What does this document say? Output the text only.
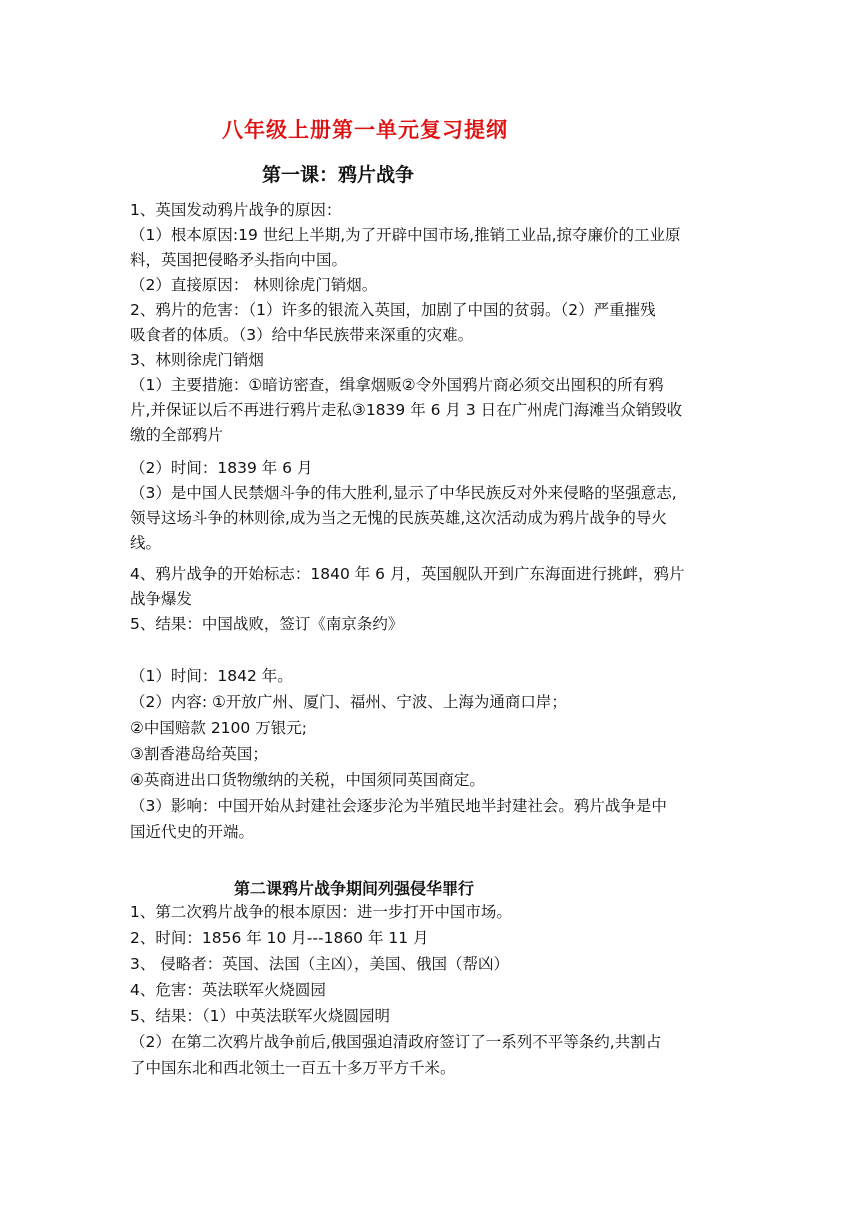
八年级上册第一单元复习提纲
第一课：鸦片战争
1、英国发动鸦片战争的原因：
（1）根本原因:19 世纪上半期,为了开辟中国市场,推销工业品,掠夺廉价的工业原
料，英国把侵略矛头指向中国。
（2）直接原因： 林则徐虎门销烟。
2、鸦片的危害：（1）许多的银流入英国，加剧了中国的贫弱。（2）严重摧残
吸食者的体质。（3）给中华民族带来深重的灾难。
3、林则徐虎门销烟
（1）主要措施：①暗访密查，缉拿烟贩②令外国鸦片商必须交出囤积的所有鸦
片,并保证以后不再进行鸦片走私③1839 年 6 月 3 日在广州虎门海滩当众销毁收
缴的全部鸦片
（2）时间：1839 年 6 月
（3）是中国人民禁烟斗争的伟大胜利,显示了中华民族反对外来侵略的坚强意志,
领导这场斗争的林则徐,成为当之无愧的民族英雄,这次活动成为鸦片战争的导火
线。
4、鸦片战争的开始标志：1840 年 6 月，英国舰队开到广东海面进行挑衅，鸦片
战争爆发
5、结果：中国战败，签订《南京条约》
（1）时间：1842 年。
（2）内容: ①开放广州、厦门、福州、宁波、上海为通商口岸；
②中国赔款 2100 万银元;
③割香港岛给英国；
④英商进出口货物缴纳的关税，中国须同英国商定。
（3）影响：中国开始从封建社会逐步沦为半殖民地半封建社会。鸦片战争是中
国近代史的开端。
第二课鸦片战争期间列强侵华罪行
1、第二次鸦片战争的根本原因：进一步打开中国市场。
2、时间：1856 年 10 月---1860 年 11 月
3、 侵略者：英国、法国（主凶），美国、俄国（帮凶）
4、危害：英法联军火烧圆园
5、结果：（1）中英法联军火烧圆园明
（2）在第二次鸦片战争前后,俄国强迫清政府签订了一系列不平等条约,共割占
了中国东北和西北领土一百五十多万平方千米。
